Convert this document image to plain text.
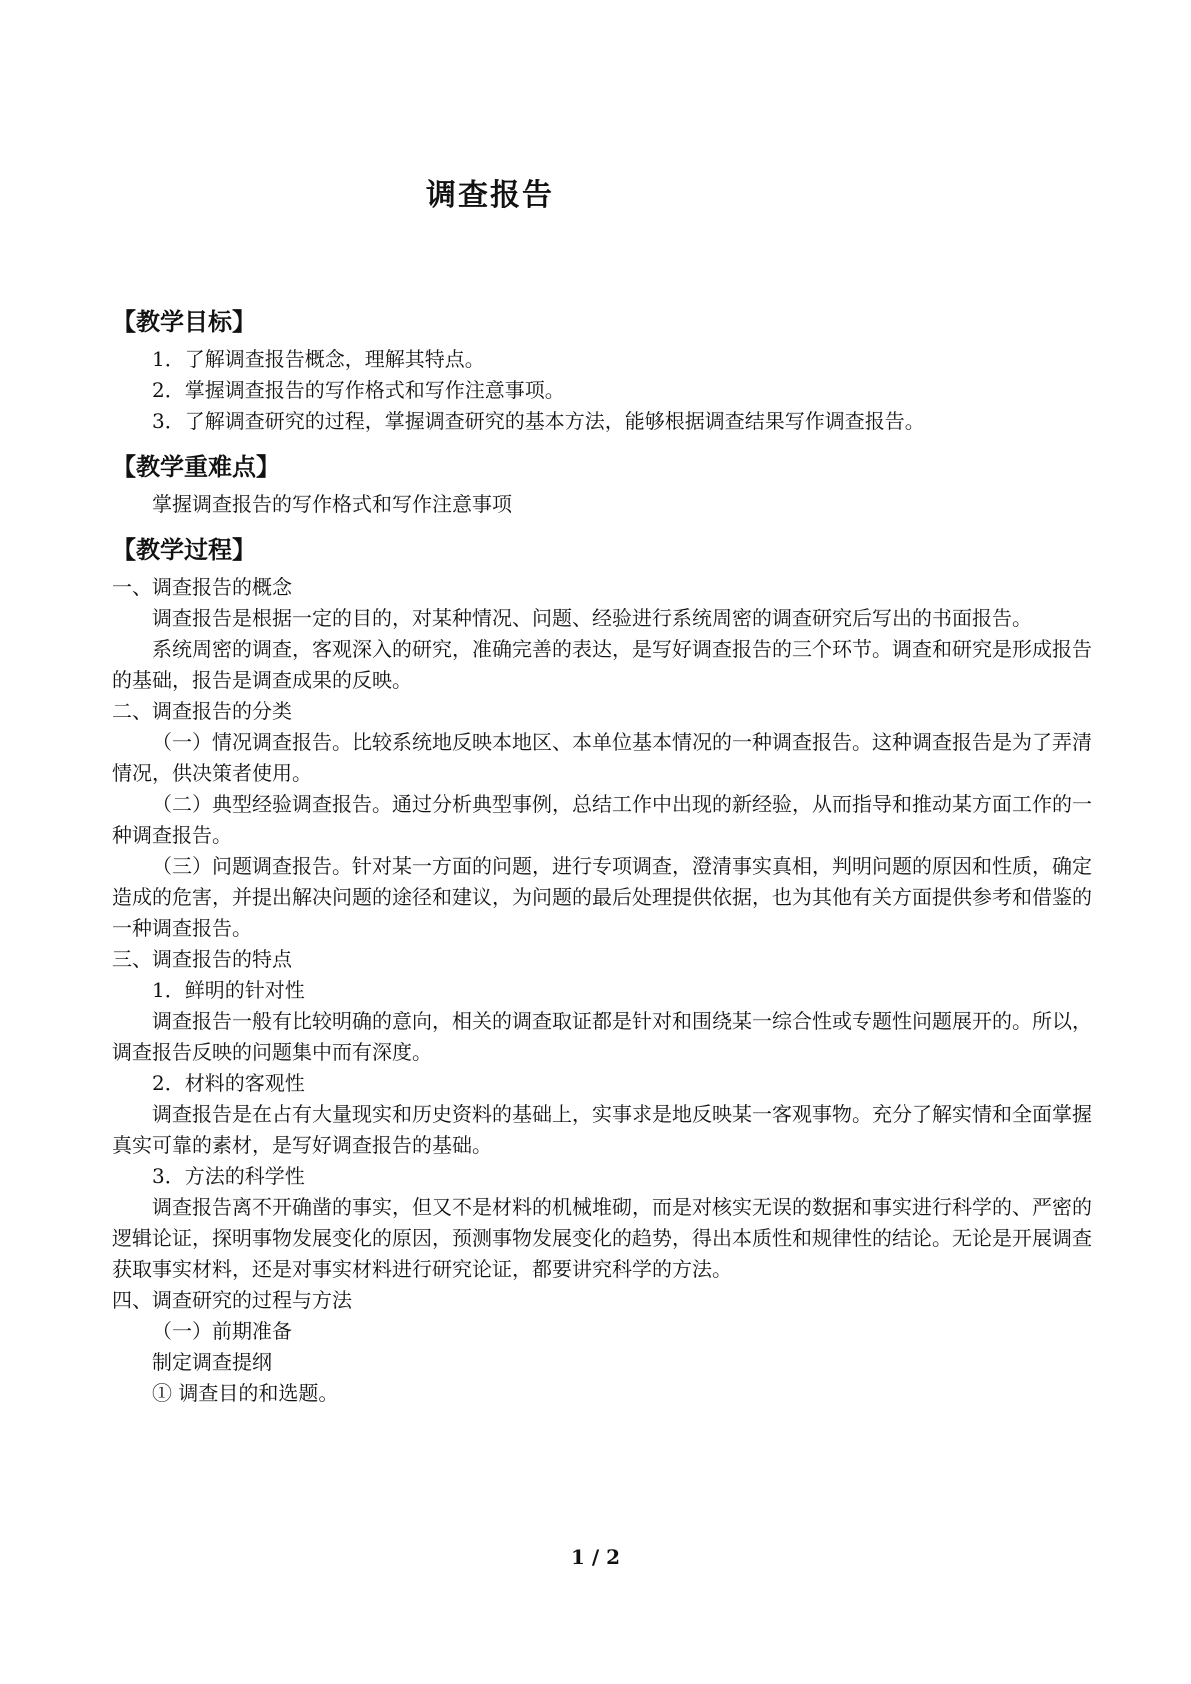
调查报告
【教学目标】
1．了解调查报告概念，理解其特点。
2．掌握调查报告的写作格式和写作注意事项。
3．了解调查研究的过程，掌握调查研究的基本方法，能够根据调查结果写作调查报告。
【教学重难点】
掌握调查报告的写作格式和写作注意事项
【教学过程】
一、调查报告的概念

调查报告是根据一定的目的，对某种情况、问题、经验进行系统周密的调查研究后写出的书面报告。

系统周密的调查，客观深入的研究，准确完善的表达，是写好调查报告的三个环节。调查和研究是形成报告的基础，报告是调查成果的反映。

二、调查报告的分类

（一）情况调查报告。比较系统地反映本地区、本单位基本情况的一种调查报告。这种调查报告是为了弄清情况，供决策者使用。

（二）典型经验调查报告。通过分析典型事例，总结工作中出现的新经验，从而指导和推动某方面工作的一种调查报告。

（三）问题调查报告。针对某一方面的问题，进行专项调查，澄清事实真相，判明问题的原因和性质，确定造成的危害，并提出解决问题的途径和建议，为问题的最后处理提供依据，也为其他有关方面提供参考和借鉴的一种调查报告。

三、调查报告的特点
1．鲜明的针对性

调查报告一般有比较明确的意向，相关的调查取证都是针对和围绕某一综合性或专题性问题展开的。所以，调查报告反映的问题集中而有深度。

2．材料的客观性

调查报告是在占有大量现实和历史资料的基础上，实事求是地反映某一客观事物。充分了解实情和全面掌握真实可靠的素材，是写好调查报告的基础。

3．方法的科学性

调查报告离不开确凿的事实，但又不是材料的机械堆砌，而是对核实无误的数据和事实进行科学的、严密的逻辑论证，探明事物发展变化的原因，预测事物发展变化的趋势，得出本质性和规律性的结论。无论是开展调查获取事实材料，还是对事实材料进行研究论证，都要讲究科学的方法。

四、调查研究的过程与方法
（一）前期准备
制定调查提纲
① 调查目的和选题。
1 / 2
